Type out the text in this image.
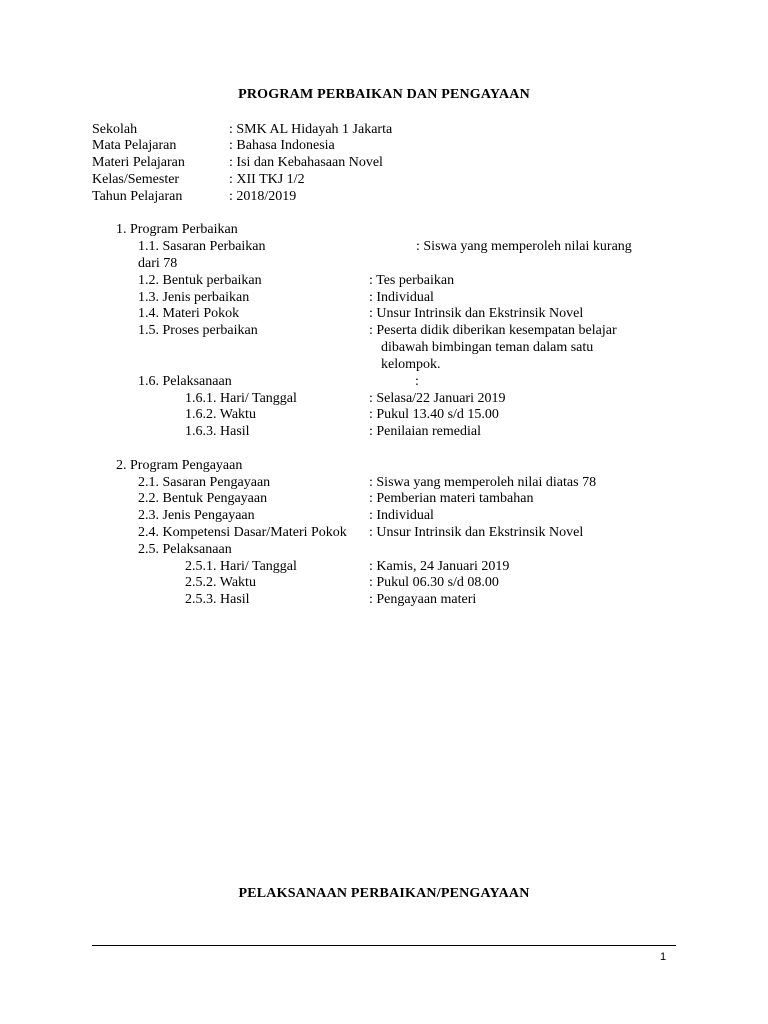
PROGRAM PERBAIKAN DAN PENGAYAAN
Sekolah	: SMK AL Hidayah 1 Jakarta
Mata Pelajaran	: Bahasa Indonesia
Materi Pelajaran	: Isi dan Kebahasaan Novel
Kelas/Semester	: XII TKJ 1/2
Tahun Pelajaran	: 2018/2019
1. Program Perbaikan
1.1. Sasaran Perbaikan	: Siswa yang memperoleh nilai kurang
dari 78
1.2. Bentuk perbaikan	: Tes perbaikan
1.3. Jenis perbaikan	: Individual
1.4. Materi Pokok	: Unsur Intrinsik dan Ekstrinsik Novel
1.5. Proses perbaikan	: Peserta didik diberikan kesempatan belajar
dibawah bimbingan teman dalam satu
kelompok.
1.6. Pelaksanaan	:
1.6.1. Hari/ Tanggal	: Selasa/22 Januari 2019
1.6.2. Waktu	: Pukul 13.40 s/d 15.00
1.6.3. Hasil	: Penilaian remedial
2. Program Pengayaan
2.1. Sasaran Pengayaan	: Siswa yang memperoleh nilai diatas 78
2.2. Bentuk Pengayaan	: Pemberian materi tambahan
2.3. Jenis Pengayaan	: Individual
2.4. Kompetensi Dasar/Materi Pokok : Unsur Intrinsik dan Ekstrinsik Novel
2.5. Pelaksanaan
2.5.1. Hari/ Tanggal	: Kamis, 24 Januari 2019
2.5.2. Waktu	: Pukul 06.30 s/d 08.00
2.5.3. Hasil	: Pengayaan materi
PELAKSANAAN PERBAIKAN/PENGAYAAN
1
